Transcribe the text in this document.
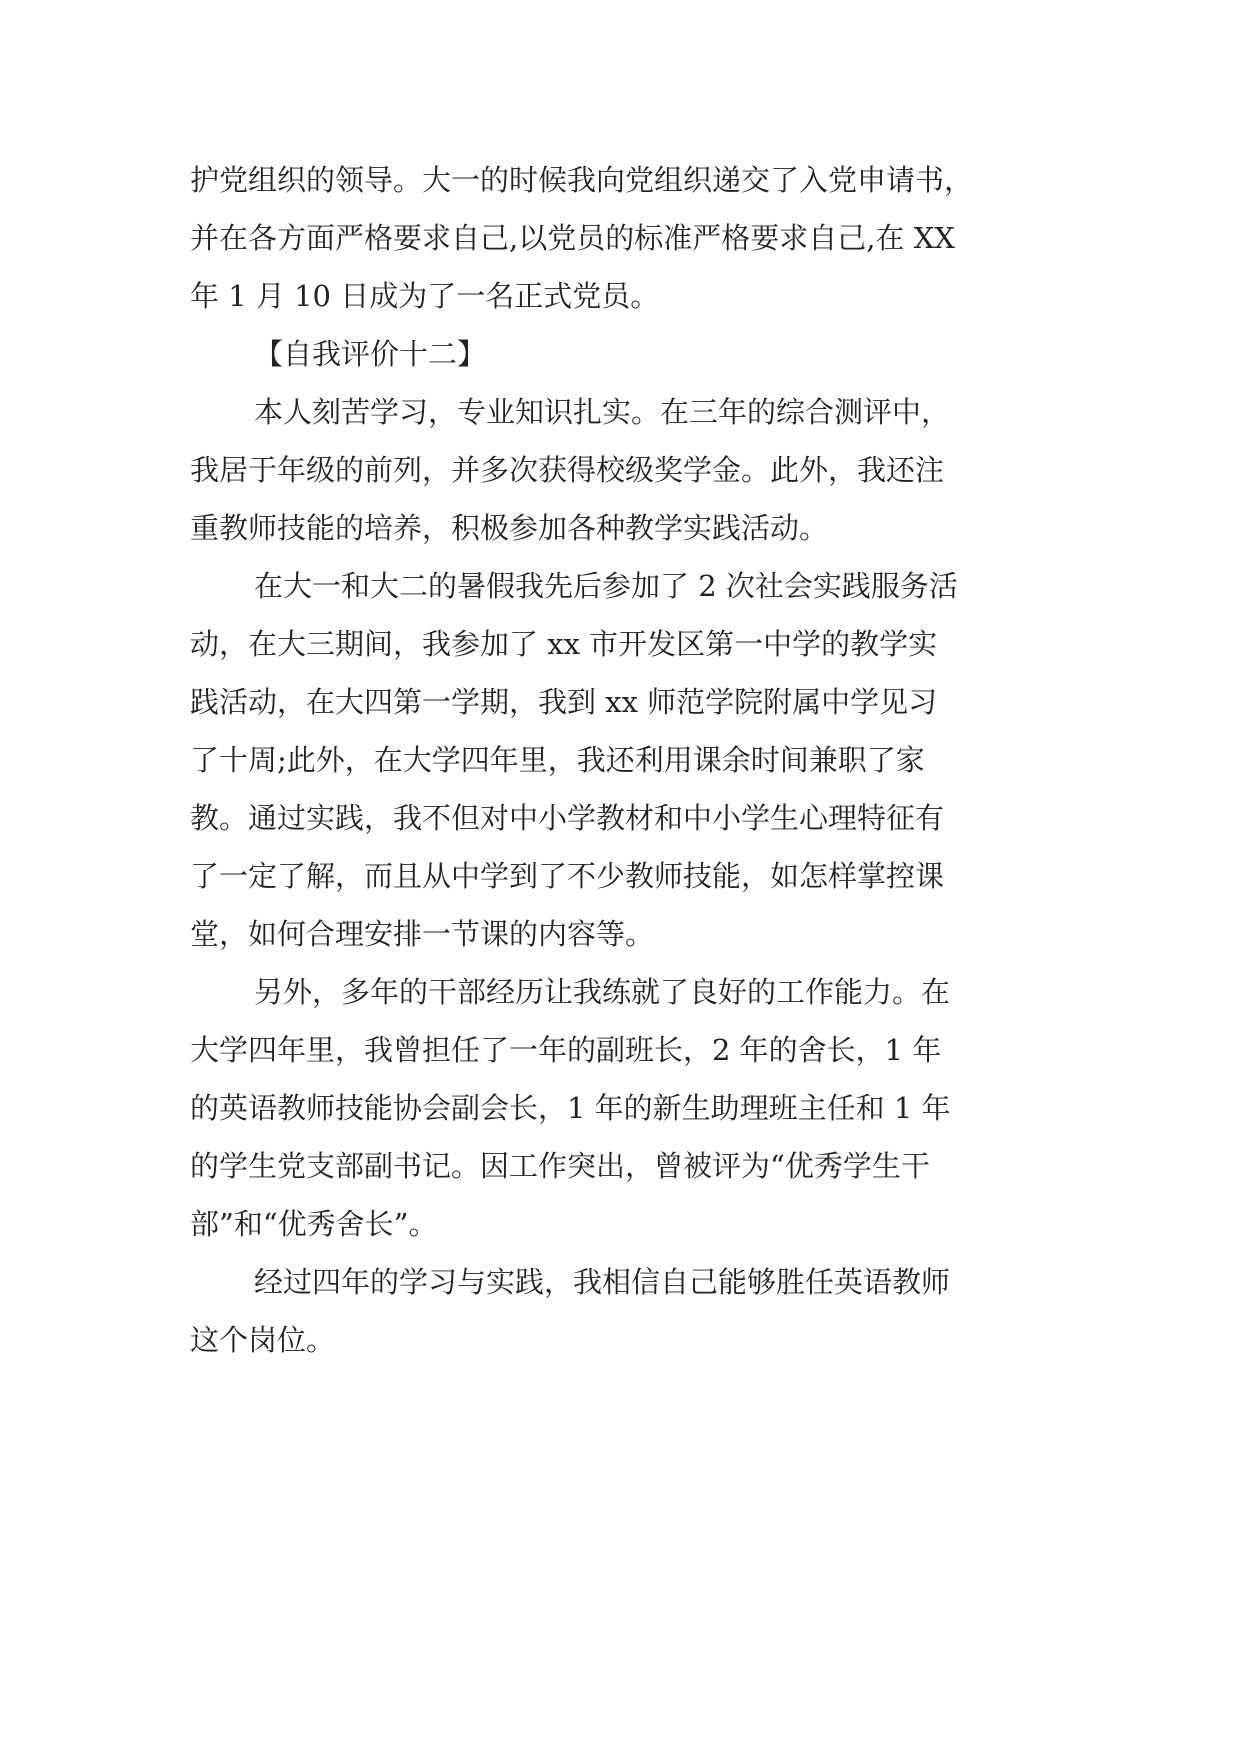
护党组织的领导。大一的时候我向党组织递交了入党申请书，
并在各方面严格要求自己,以党员的标准严格要求自己,在 XX
年 1 月 10 日成为了一名正式党员。
【自我评价十二】
本人刻苦学习，专业知识扎实。在三年的综合测评中，
我居于年级的前列，并多次获得校级奖学金。此外，我还注
重教师技能的培养，积极参加各种教学实践活动。
在大一和大二的暑假我先后参加了 2 次社会实践服务活
动，在大三期间，我参加了 xx 市开发区第一中学的教学实
践活动，在大四第一学期，我到 xx 师范学院附属中学见习
了十周;此外，在大学四年里，我还利用课余时间兼职了家
教。通过实践，我不但对中小学教材和中小学生心理特征有
了一定了解，而且从中学到了不少教师技能，如怎样掌控课
堂，如何合理安排一节课的内容等。
另外，多年的干部经历让我练就了良好的工作能力。在
大学四年里，我曾担任了一年的副班长，2 年的舍长，1 年
的英语教师技能协会副会长，1 年的新生助理班主任和 1 年
的学生党支部副书记。因工作突出，曾被评为“优秀学生干
部”和“优秀舍长”。
经过四年的学习与实践，我相信自己能够胜任英语教师
这个岗位。
